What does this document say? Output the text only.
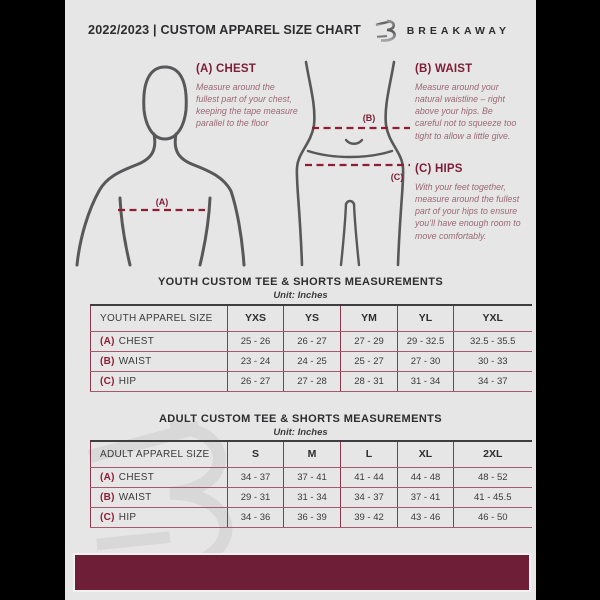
2022/2023 | CUSTOM APPAREL SIZE CHART	BREAKAWAY
(A)
(B)
(C)
(A) CHEST

Measure around the fullest part of your chest, keeping the tape measure parallel to the floor

(B) WAIST

Measure around your natural waistline – right above your hips. Be careful not to squeeze too tight to allow a little give.

(C) HIPS

With your feet together, measure around the fullest part of your hips to ensure you’ll have enough room to move comfortably.

YOUTH CUSTOM TEE & SHORTS MEASUREMENTS
Unit: Inches
YOUTH APPAREL SIZE	YXS	YS	YM	YL	YXL
(A) CHEST	25 - 26	26 - 27	27 - 29	29 - 32.5	32.5 - 35.5
(B) WAIST	23 - 24	24 - 25	25 - 27	27 - 30	30 - 33
(C) HIP	26 - 27	27 - 28	28 - 31	31 - 34	34 - 37
ADULT CUSTOM TEE & SHORTS MEASUREMENTS
Unit: Inches
ADULT APPAREL SIZE	S	M	L	XL	2XL
(A) CHEST	34 - 37	37 - 41	41 - 44	44 - 48	48 - 52
(B) WAIST	29 - 31	31 - 34	34 - 37	37 - 41	41 - 45.5
(C) HIP	34 - 36	36 - 39	39 - 42	43 - 46	46 - 50
